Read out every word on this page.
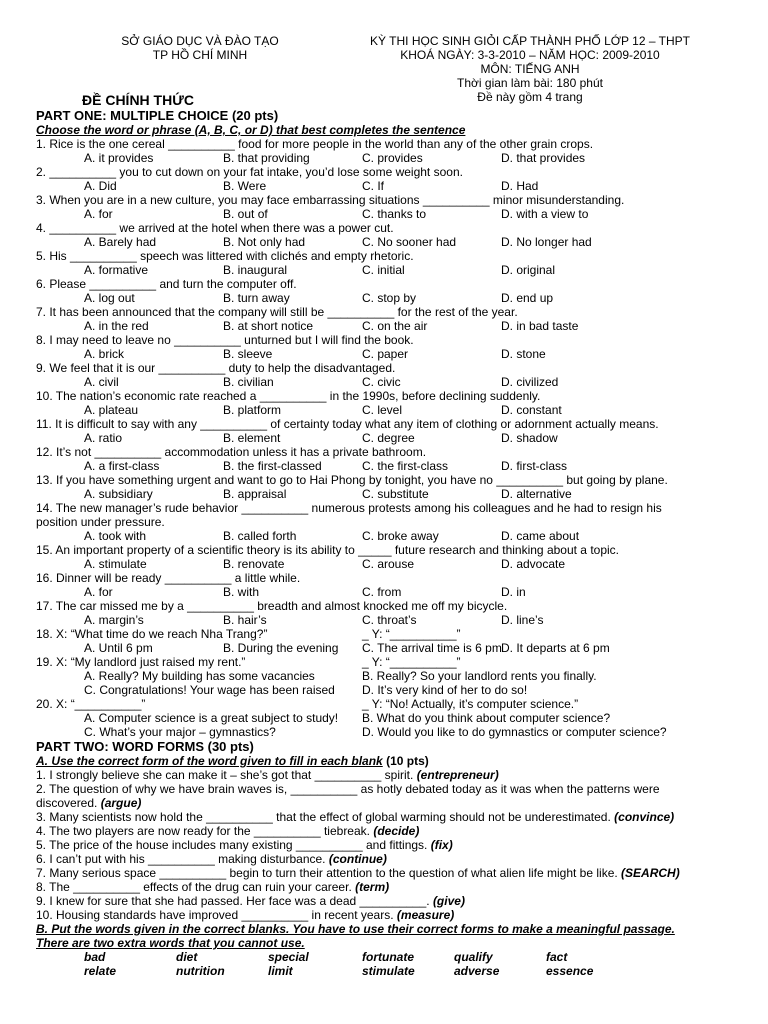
SỞ GIÁO DỤC VÀ ĐÀO TẠO
TP HỒ CHÍ MINH
KỲ THI HỌC SINH GIỎI CẤP THÀNH PHỐ LỚP 12 – THPT
KHOÁ NGÀY: 3-3-2010 – NĂM HỌC: 2009-2010
MÔN: TIẾNG ANH
Thời gian làm bài: 180 phút
Đề này gồm 4 trang
ĐỀ CHÍNH THỨC
PART ONE: MULTIPLE CHOICE (20 pts)
Choose the word or phrase (A, B, C, or D) that best completes the sentence
1. Rice is the one cereal __________ food for more people in the world than any of the other grain crops.
A. it provides	B. that providing	C. provides	D. that provides
2. __________ you to cut down on your fat intake, you’d lose some weight soon.
A. Did	B. Were	C. If	D. Had
3. When you are in a new culture, you may face embarrassing situations __________ minor misunderstanding.
A. for	B. out of	C. thanks to	D. with a view to
4. __________ we arrived at the hotel when there was a power cut.
A. Barely had	B. Not only had	C. No sooner had	D. No longer had
5. His __________ speech was littered with clichés and empty rhetoric.
A. formative	B. inaugural	C. initial	D. original
6. Please __________ and turn the computer off.
A. log out	B. turn away	C. stop by	D. end up
7. It has been announced that the company will still be __________ for the rest of the year.
A. in the red	B. at short notice	C. on the air	D. in bad taste
8. I may need to leave no __________ unturned but I will find the book.
A. brick	B. sleeve	C. paper	D. stone
9. We feel that it is our __________ duty to help the disadvantaged.
A. civil	B. civilian	C. civic	D. civilized
10. The nation’s economic rate reached a __________ in the 1990s, before declining suddenly.
A. plateau	B. platform	C. level	D. constant
11. It is difficult to say with any __________ of certainty today what any item of clothing or adornment actually means.
A. ratio	B. element	C. degree	D. shadow
12. It’s not __________ accommodation unless it has a private bathroom.
A. a first-class	B. the first-classed	C. the first-class	D. first-class
13. If you have something urgent and want to go to Hai Phong by tonight, you have no __________ but going by plane.
A. subsidiary	B. appraisal	C. substitute	D. alternative
14. The new manager’s rude behavior __________ numerous protests among his colleagues and he had to resign his
position under pressure.
A. took with	B. called forth	C. broke away	D. came about
15. An important property of a scientific theory is its ability to _____ future research and thinking about a topic.
A. stimulate	B. renovate	C. arouse	D. advocate
16. Dinner will be ready __________ a little while.
A. for	B. with	C. from	D. in
17. The car missed me by a __________ breadth and almost knocked me off my bicycle.
A. margin’s	B. hair’s	C. throat’s	D. line’s
18. X: “What time do we reach Nha Trang?”	_ Y: “__________”
A. Until 6 pm	B. During the evening C. The arrival time is 6 pm D. It departs at 6 pm
19. X: “My landlord just raised my rent.”	_ Y: “__________”
A. Really? My building has some vacancies	B. Really? So your landlord rents you finally.
C. Congratulations! Your wage has been raised D. It’s very kind of her to do so!
20. X: “__________”	_ Y: “No! Actually, it’s computer science.”
A. Computer science is a great subject to study! B. What do you think about computer science?
C. What’s your major – gymnastics?	D. Would you like to do gymnastics or computer science?
PART TWO: WORD FORMS (30 pts)
A. Use the correct form of the word given to fill in each blank (10 pts)
1. I strongly believe she can make it – she’s got that __________ spirit. (entrepreneur)
2. The question of why we have brain waves is, __________ as hotly debated today as it was when the patterns were
discovered. (argue)
3. Many scientists now hold the __________ that the effect of global warming should not be underestimated. (convince)
4. The two players are now ready for the __________ tiebreak. (decide)
5. The price of the house includes many existing __________ and fittings. (fix)
6. I can’t put with his __________ making disturbance. (continue)
7. Many serious space __________ begin to turn their attention to the question of what alien life might be like. (SEARCH)
8. The __________ effects of the drug can ruin your career. (term)
9. I knew for sure that she had passed. Her face was a dead __________. (give)
10. Housing standards have improved __________ in recent years. (measure)
B. Put the words given in the correct blanks. You have to use their correct forms to make a meaningful passage.
There are two extra words that you cannot use.
bad	diet	special	fortunate	qualify	fact
relate	nutrition	limit	stimulate	adverse	essence
